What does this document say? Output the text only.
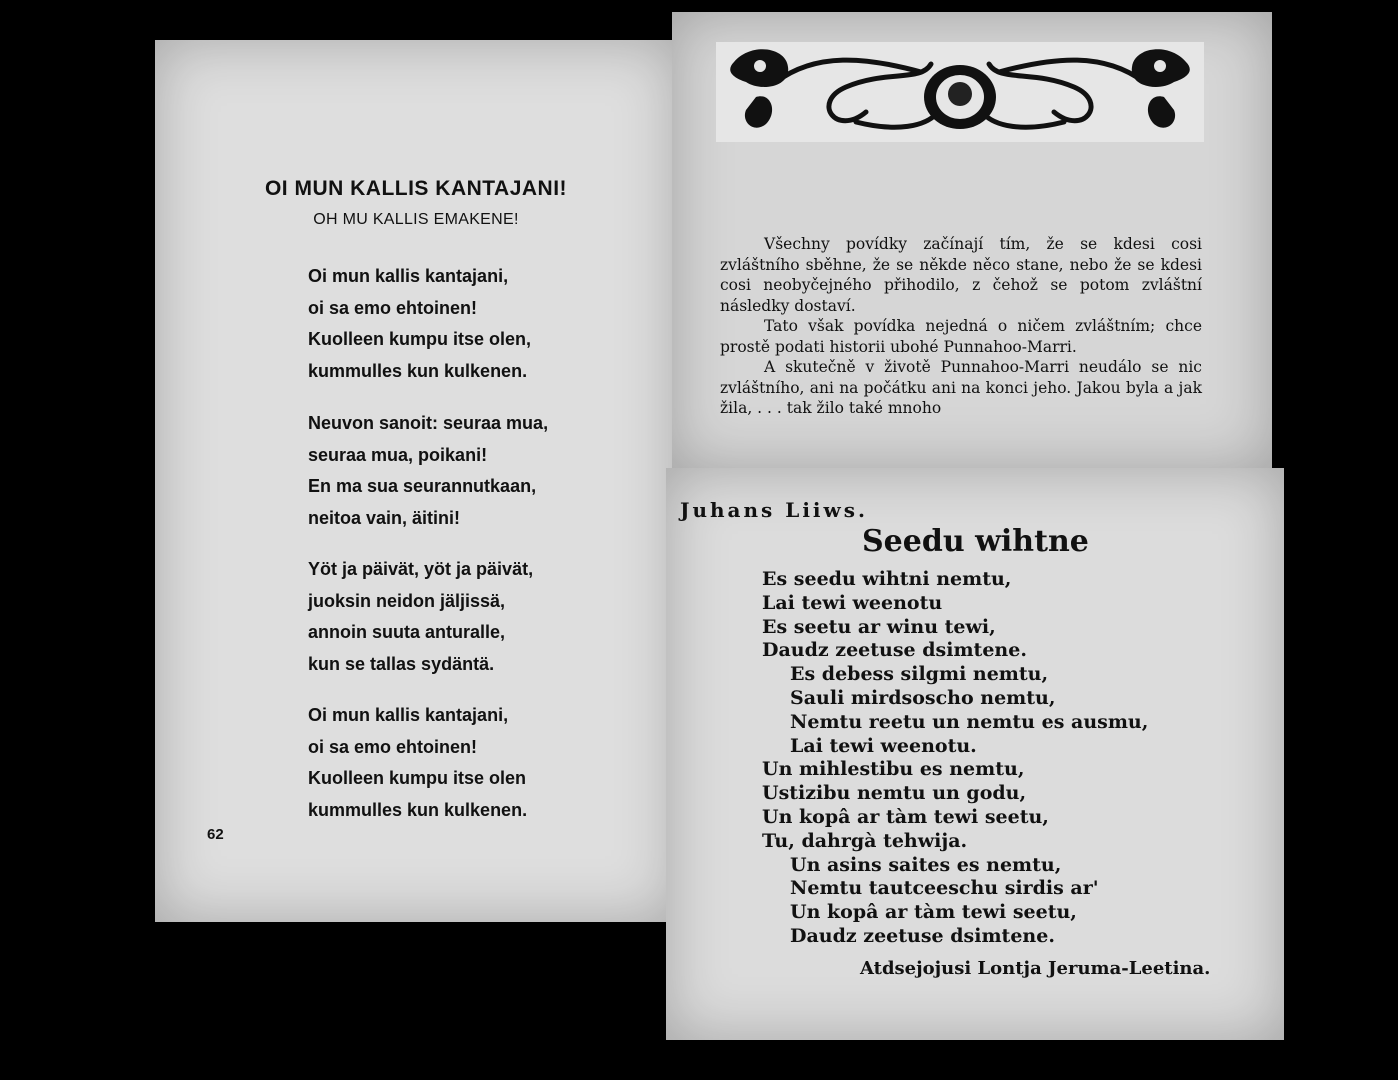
OI MUN KALLIS KANTAJANI!
OH MU KALLIS EMAKENE!
Oi mun kallis kantajani,
oi sa emo ehtoinen!
Kuolleen kumpu itse olen,
kummulles kun kulkenen.
Neuvon sanoit: seuraa mua,
seuraa mua, poikani!
En ma sua seurannutkaan,
neitoa vain, äitini!
Yöt ja päivät, yöt ja päivät,
juoksin neidon jäljissä,
annoin suuta anturalle,
kun se tallas sydäntä.
Oi mun kallis kantajani,
oi sa emo ehtoinen!
Kuolleen kumpu itse olen
kummulles kun kulkenen.
62

Všechny povídky začínají tím, že se kdesi cosi zvláštního sběhne, že se někde něco stane, nebo že se kdesi cosi neobyčejného přihodilo, z čehož se potom zvláštní následky dostaví.

Tato však povídka nejedná o ničem zvláštním; chce prostě podati historii ubohé Punnahoo-Marri.

A skutečně v životě Punnahoo-Marri neudálo se nic zvláštního, ani na počátku ani na konci jeho. Jakou byla a jak žila, . . . tak žilo také mnoho

Juhans Liiws.
Seedu wihtne
Es seedu wihtni nemtu,
Lai tewi weenotu
Es seetu ar winu tewi,
Daudz zeetuse dsimtene.
Es debess silgmi nemtu,
Sauli mirdsoscho nemtu,
Nemtu reetu un nemtu es ausmu,
Lai tewi weenotu.
Un mihlestibu es nemtu,
Ustizibu nemtu un godu,
Un kopâ ar tàm tewi seetu,
Tu, dahrgà tehwija.
Un asins saites es nemtu,
Nemtu tautceeschu sirdis ar'
Un kopâ ar tàm tewi seetu,
Daudz zeetuse dsimtene.
Atdsejojusi Lontja Jeruma-Leetina.
